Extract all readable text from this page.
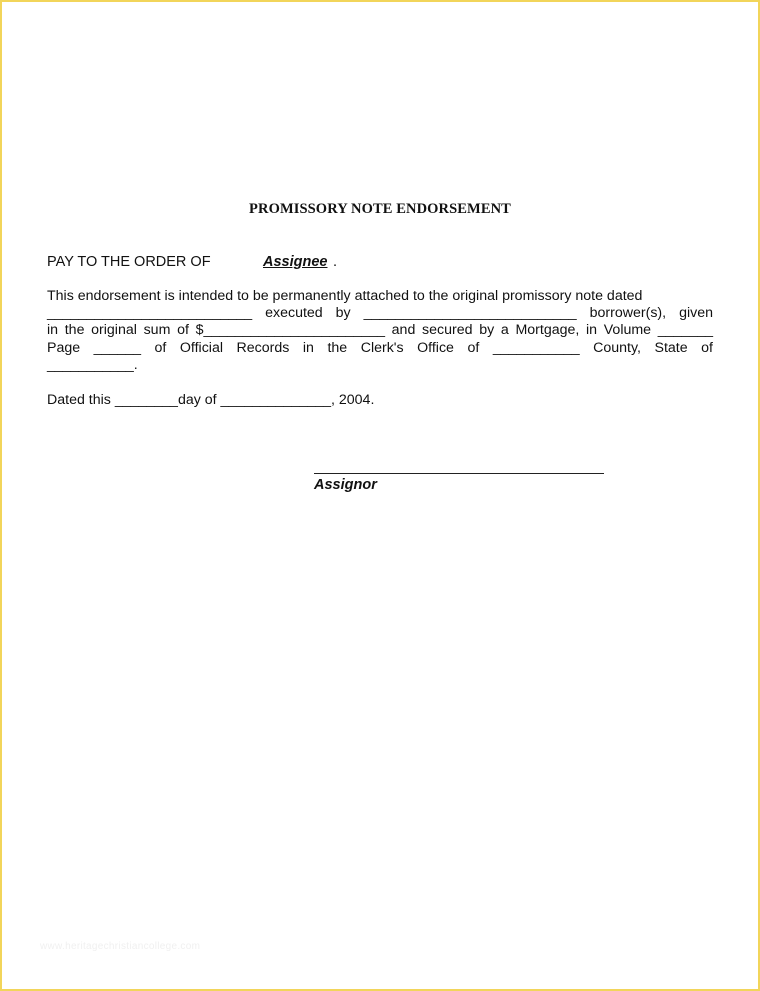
PROMISSORY NOTE ENDORSEMENT
PAY TO THE ORDER OF	Assignee .
This endorsement is intended to be permanently attached to the original promissory note dated
__________________________ executed by ___________________________ borrower(s), given
in the original sum of $_______________________ and secured by a Mortgage, in Volume _______
Page ______ of Official Records in the Clerk's Office of ___________ County, State of
___________.
Dated this ________day of ______________, 2004.
Assignor
www.heritagechristiancollege.com
